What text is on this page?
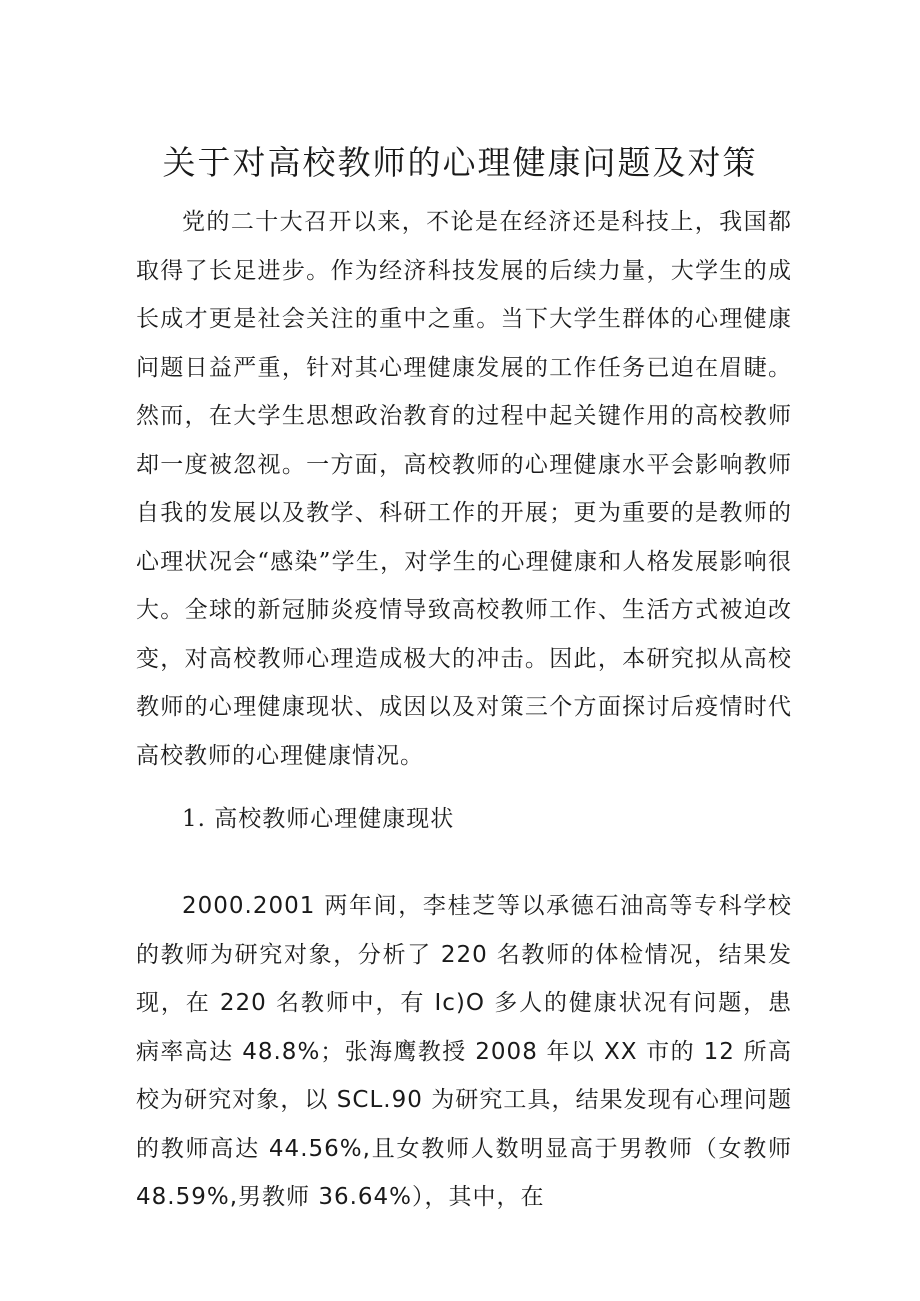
关于对高校教师的心理健康问题及对策

党的二十大召开以来，不论是在经济还是科技上，我国都取得了长足进步。作为经济科技发展的后续力量，大学生的成长成才更是社会关注的重中之重。当下大学生群体的心理健康问题日益严重，针对其心理健康发展的工作任务已迫在眉睫。然而，在大学生思想政治教育的过程中起关键作用的高校教师却一度被忽视。一方面，高校教师的心理健康水平会影响教师自我的发展以及教学、科研工作的开展；更为重要的是教师的心理状况会“感染”学生，对学生的心理健康和人格发展影响很大。全球的新冠肺炎疫情导致高校教师工作、生活方式被迫改变，对高校教师心理造成极大的冲击。因此，本研究拟从高校教师的心理健康现状、成因以及对策三个方面探讨后疫情时代高校教师的心理健康情况。

1. 高校教师心理健康现状

2000.2001 两年间，李桂芝等以承德石油高等专科学校的教师为研究对象，分析了 220 名教师的体检情况，结果发现，在 220 名教师中，有 Ic)O 多人的健康状况有问题，患病率高达 48.8%；张海鹰教授 2008 年以 XX 市的 12 所高校为研究对象，以 SCL.90 为研究工具，结果发现有心理问题的教师高达 44.56%,且女教师人数明显高于男教师（女教师 48.59%,男教师 36.64%），其中，在
